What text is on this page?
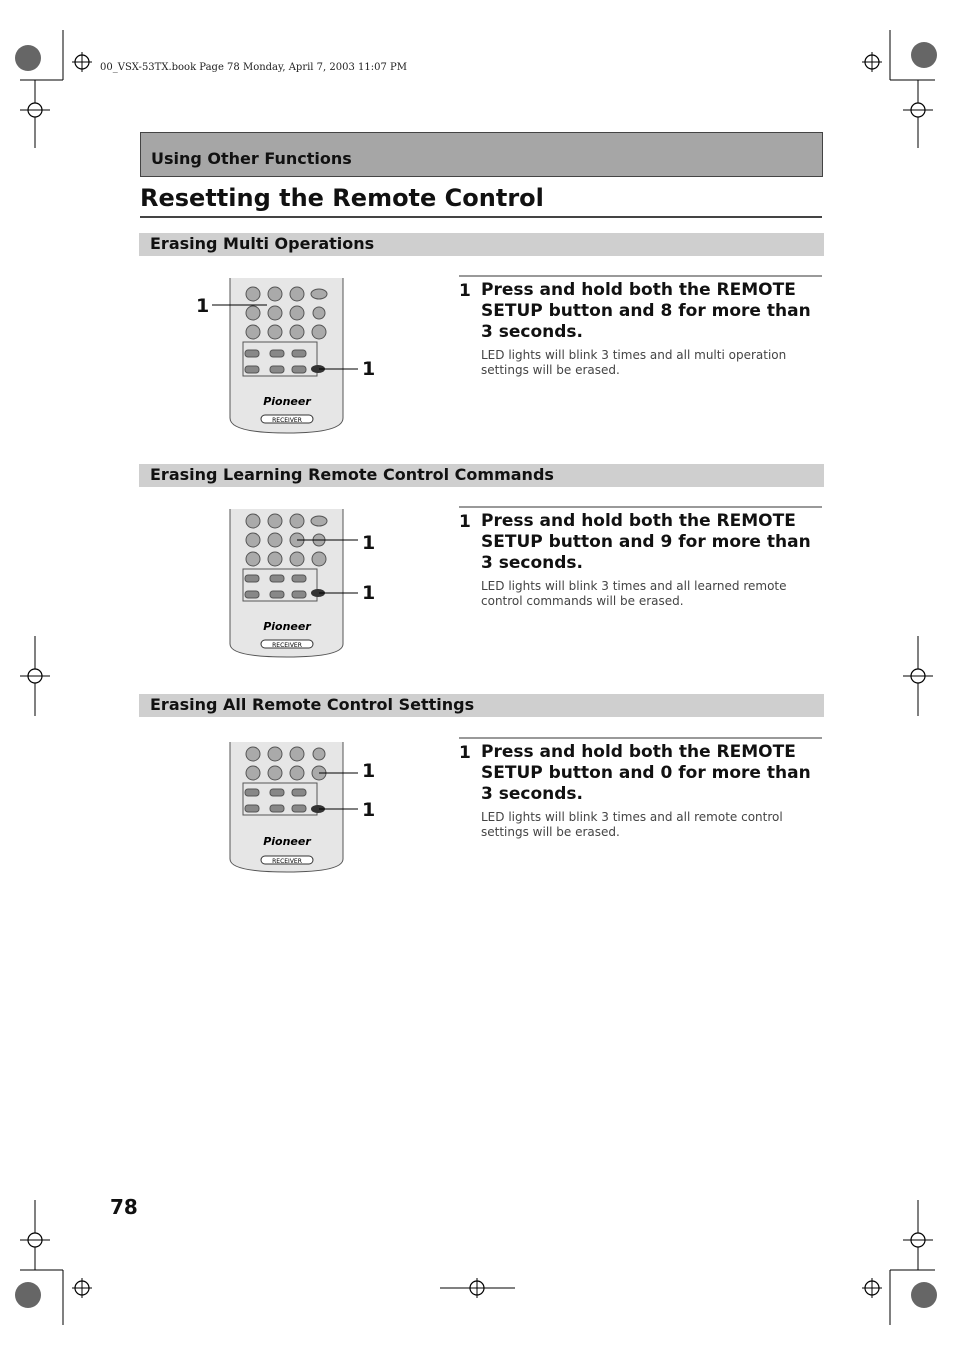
00_VSX-53TX.book Page 78 Monday, April 7, 2003 11:07 PM
Using Other Functions
Resetting the Remote Control
Erasing Multi Operations
1 Press and hold both the REMOTE SETUP button and 8 for more than 3 seconds.
LED lights will blink 3 times and all multi operation settings will be erased.
Pioneer
RECEIVER
1
1
Erasing Learning Remote Control Commands
1 Press and hold both the REMOTE SETUP button and 9 for more than 3 seconds.
LED lights will blink 3 times and all learned remote control commands will be erased.
Pioneer
RECEIVER
1
1
Erasing All Remote Control Settings
1 Press and hold both the REMOTE SETUP button and 0 for more than 3 seconds.
LED lights will blink 3 times and all remote control settings will be erased.
Pioneer
RECEIVER
1
1
78
